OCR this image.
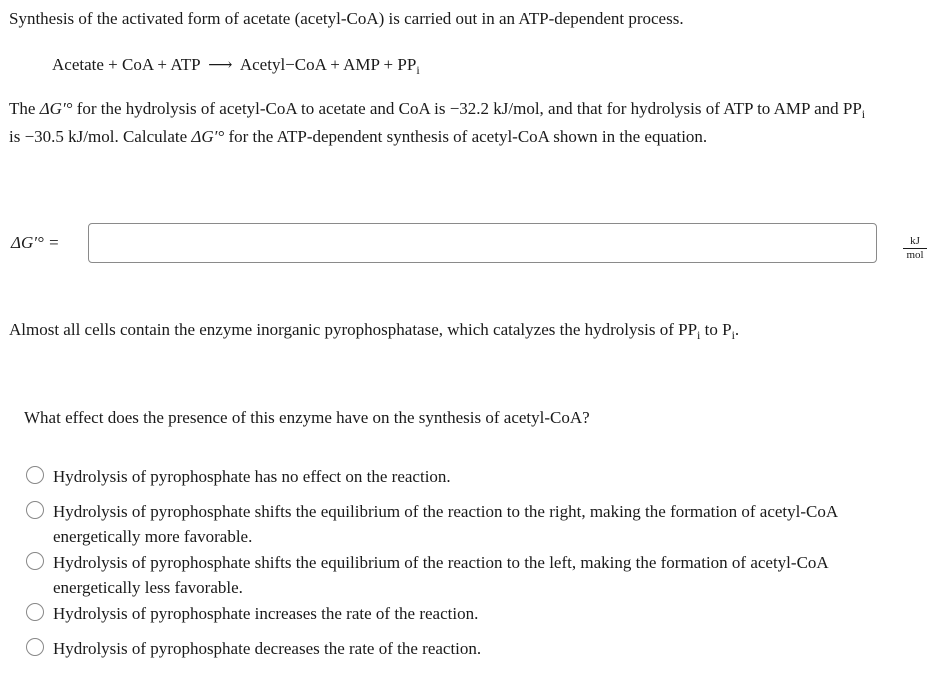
Synthesis of the activated form of acetate (acetyl-CoA) is carried out in an ATP-dependent process.
Acetate + CoA + ATP ⟶ Acetyl−CoA + AMP + $PP_i$
The ΔG′° for the hydrolysis of acetyl-CoA to acetate and CoA is −32.2 kJ/mol, and that for hydrolysis of ATP to AMP and $PP_i$
is −30.5 kJ/mol. Calculate ΔG′° for the ATP-dependent synthesis of acetyl-CoA shown in the equation.
ΔG′° =	kJ
mol
Almost all cells contain the enzyme inorganic pyrophosphatase, which catalyzes the hydrolysis of $PP_i$ to $P_i$.
What effect does the presence of this enzyme have on the synthesis of acetyl-CoA?
Hydrolysis of pyrophosphate has no effect on the reaction.
Hydrolysis of pyrophosphate shifts the equilibrium of the reaction to the right, making the formation of acetyl-CoA
energetically more favorable.
Hydrolysis of pyrophosphate shifts the equilibrium of the reaction to the left, making the formation of acetyl-CoA
energetically less favorable.
Hydrolysis of pyrophosphate increases the rate of the reaction.
Hydrolysis of pyrophosphate decreases the rate of the reaction.
